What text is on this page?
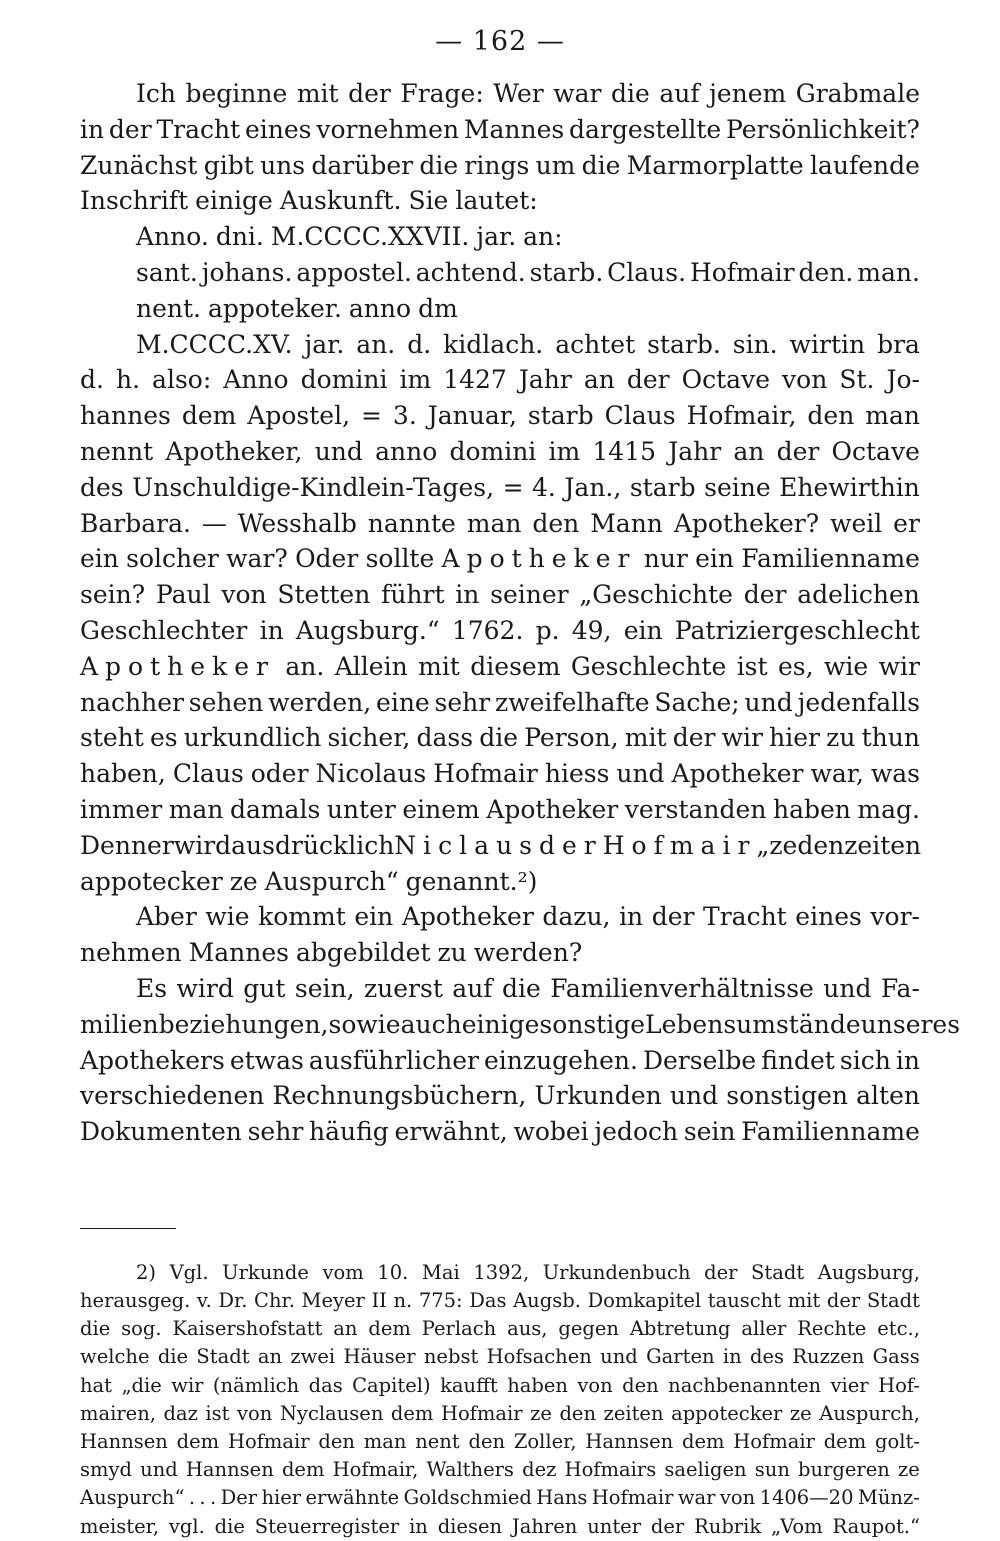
— 162 —
Ich beginne mit der Frage: Wer war die auf jenem Grabmale
in der Tracht eines vornehmen Mannes dargestellte Persönlichkeit?
Zunächst gibt uns darüber die rings um die Marmorplatte laufende
Inschrift einige Auskunft. Sie lautet:
Anno. dni. M.CCCC.XXVII. jar. an:
sant. johans. appostel. achtend. starb. Claus. Hofmair den. man.
nent. appoteker. anno dm
M.CCCC.XV. jar. an. d. kidlach. achtet starb. sin. wirtin bra
d. h. also: Anno domini im 1427 Jahr an der Octave von St. Jo-
hannes dem Apostel, = 3. Januar, starb Claus Hofmair, den man
nennt Apotheker, und anno domini im 1415 Jahr an der Octave
des Unschuldige-Kindlein-Tages, = 4. Jan., starb seine Ehewirthin
Barbara. — Wesshalb nannte man den Mann Apotheker? weil er
ein solcher war? Oder sollte Apotheker nur ein Familienname
sein? Paul von Stetten führt in seiner „Geschichte der adelichen
Geschlechter in Augsburg.“ 1762. p. 49, ein Patriziergeschlecht
Apotheker an. Allein mit diesem Geschlechte ist es, wie wir
nachher sehen werden, eine sehr zweifelhafte Sache; und jedenfalls
steht es urkundlich sicher, dass die Person, mit der wir hier zu thun
haben, Claus oder Nicolaus Hofmair hiess und Apotheker war, was
immer man damals unter einem Apotheker verstanden haben mag.
Denn er wird ausdrücklich Niclaus der Hofmair „ze den zeiten
appotecker ze Auspurch“ genannt.²)
Aber wie kommt ein Apotheker dazu, in der Tracht eines vor-
nehmen Mannes abgebildet zu werden?
Es wird gut sein, zuerst auf die Familienverhältnisse und Fa-
milienbeziehungen, sowie auch einige sonstige Lebensumstände unseres
Apothekers etwas ausführlicher einzugehen. Derselbe findet sich in
verschiedenen Rechnungsbüchern, Urkunden und sonstigen alten
Dokumenten sehr häufig erwähnt, wobei jedoch sein Familienname
2) Vgl. Urkunde vom 10. Mai 1392, Urkundenbuch der Stadt Augsburg,
herausgeg. v. Dr. Chr. Meyer II n. 775: Das Augsb. Domkapitel tauscht mit der Stadt
die sog. Kaisershofstatt an dem Perlach aus, gegen Abtretung aller Rechte etc.,
welche die Stadt an zwei Häuser nebst Hofsachen und Garten in des Ruzzen Gass
hat „die wir (nämlich das Capitel) kaufft haben von den nachbenannten vier Hof-
mairen, daz ist von Nyclausen dem Hofmair ze den zeiten appotecker ze Auspurch,
Hannsen dem Hofmair den man nent den Zoller, Hannsen dem Hofmair dem golt-
smyd und Hannsen dem Hofmair, Walthers dez Hofmairs saeligen sun burgeren ze
Auspurch“ . . . Der hier erwähnte Goldschmied Hans Hofmair war von 1406—20 Münz-
meister, vgl. die Steuerregister in diesen Jahren unter der Rubrik „Vom Raupot.“
